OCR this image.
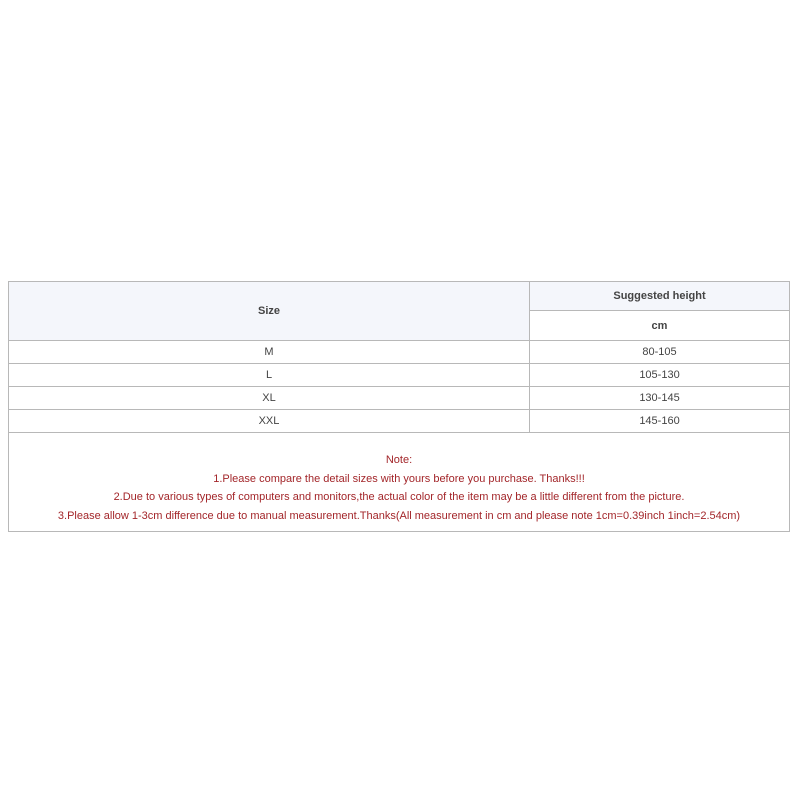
Size
Suggested height
cm
M	80-105
L	105-130
XL	130-145
XXL	145-160
Note:
1.Please compare the detail sizes with yours before you purchase. Thanks!!!
2.Due to various types of computers and monitors,the actual color of the item may be a little different from the picture.
3.Please allow 1-3cm difference due to manual measurement.Thanks(All measurement in cm and please note 1cm=0.39inch 1inch=2.54cm)
